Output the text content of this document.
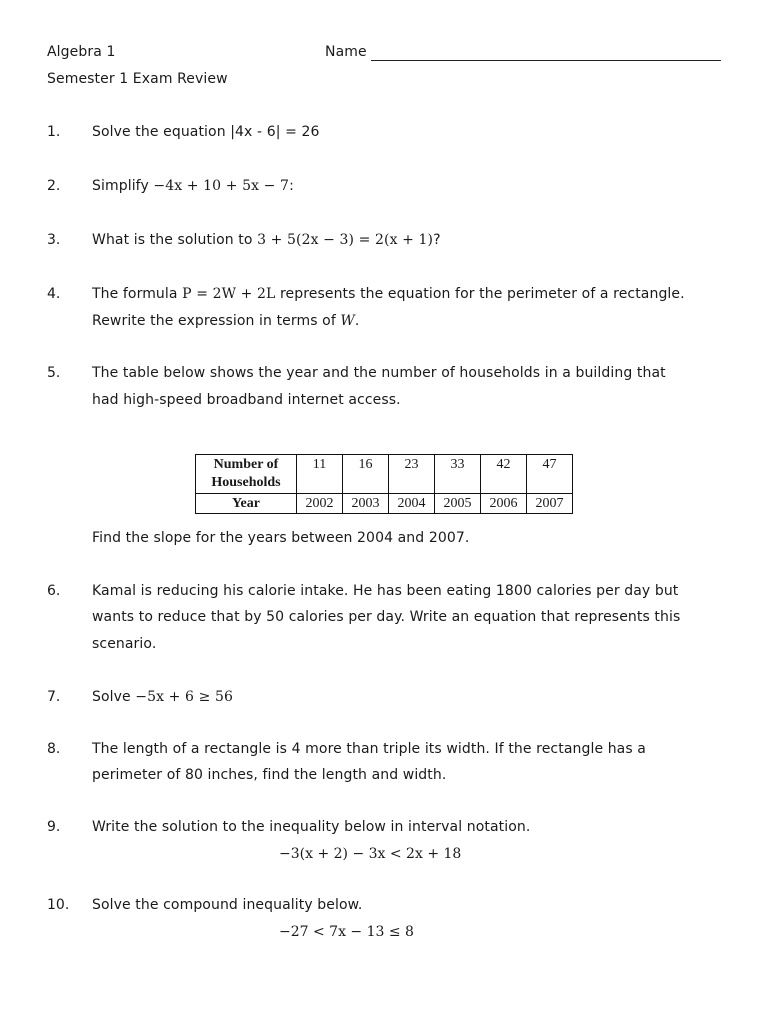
Algebra 1
Semester 1 Exam Review
Name
1. Solve the equation |4x - 6| = 26
2. Simplify −4x + 10 + 5x − 7:
3. What is the solution to 3 + 5(2x − 3) = 2(x + 1)?
4. The formula P = 2W + 2L represents the equation for the perimeter of a rectangle.
Rewrite the expression in terms of W.
5. The table below shows the year and the number of households in a building that
had high-speed broadband internet access.
Number of
Households	11	16	23	33	42	47
Year	2002	2003	2004	2005	2006	2007
Find the slope for the years between 2004 and 2007.
6. Kamal is reducing his calorie intake. He has been eating 1800 calories per day but
wants to reduce that by 50 calories per day. Write an equation that represents this
scenario.
7. Solve −5x + 6 ≥ 56
8. The length of a rectangle is 4 more than triple its width. If the rectangle has a
perimeter of 80 inches, find the length and width.
9. Write the solution to the inequality below in interval notation.
−3(x + 2) − 3x < 2x + 18
10. Solve the compound inequality below.
−27 < 7x − 13 ≤ 8
